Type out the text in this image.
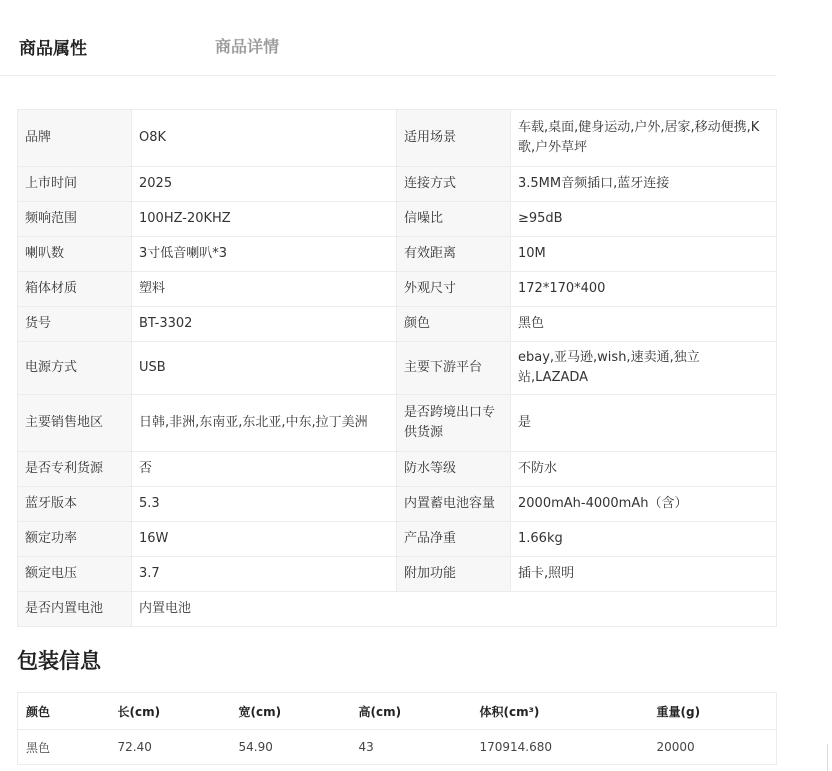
商品属性	商品详情
品牌	O8K	适用场景	车载,桌面,健身运动,户外,居家,移动便携,K歌,户外草坪
上市时间	2025	连接方式	3.5MM音频插口,蓝牙连接
频响范围	100HZ-20KHZ	信噪比	≥95dB
喇叭数	3寸低音喇叭*3	有效距离	10M
箱体材质	塑料	外观尺寸	172*170*400
货号	BT-3302	颜色	黑色
电源方式	USB	主要下游平台	ebay,亚马逊,wish,速卖通,独立站,LAZADA
主要销售地区	日韩,非洲,东南亚,东北亚,中东,拉丁美洲	是否跨境出口专供货源	是
是否专利货源	否	防水等级	不防水
蓝牙版本	5.3	内置蓄电池容量	2000mAh-4000mAh（含）
额定功率	16W	产品净重	1.66kg
额定电压	3.7	附加功能	插卡,照明
是否内置电池	内置电池		
包装信息
颜色	长(cm)	宽(cm)	高(cm)	体积(cm³)	重量(g)
黑色	72.40	54.90	43	170914.680	20000
